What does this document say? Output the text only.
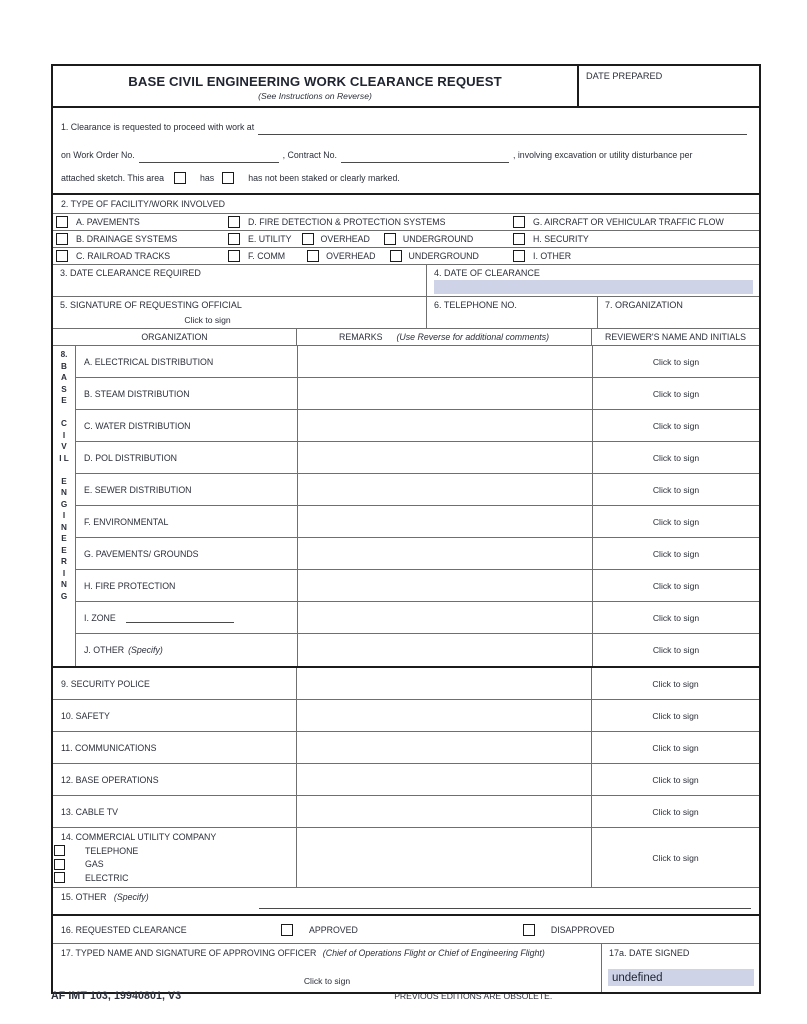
BASE CIVIL ENGINEERING WORK CLEARANCE REQUEST
(See Instructions on Reverse)
DATE PREPARED
1. Clearance is requested to proceed with work at
on Work Order No.	, Contract No.	, involving excavation or utility disturbance per
attached sketch. This area	has	has not been staked or clearly marked.
2. TYPE OF FACILITY/WORK INVOLVED
A. PAVEMENTS	D. FIRE DETECTION & PROTECTION SYSTEMS	G. AIRCRAFT OR VEHICULAR TRAFFIC FLOW
B. DRAINAGE SYSTEMS	E. UTILITY	OVERHEAD	UNDERGROUND	H. SECURITY
C. RAILROAD TRACKS	F. COMM	OVERHEAD	UNDERGROUND	I. OTHER
3. DATE CLEARANCE REQUIRED	4. DATE OF CLEARANCE
5. SIGNATURE OF REQUESTING OFFICIAL
Click to sign
6. TELEPHONE NO.	7. ORGANIZATION
ORGANIZATION	REMARKS (Use Reverse for additional comments)	REVIEWER'S NAME AND INITIALS
8.
B
A
S
E
C
I
V
I L
E
N
G
I
N
E
E
R
I
N
G
A. ELECTRICAL DISTRIBUTION	Click to sign
B. STEAM DISTRIBUTION	Click to sign
C. WATER DISTRIBUTION	Click to sign
D. POL DISTRIBUTION	Click to sign
E. SEWER DISTRIBUTION	Click to sign
F. ENVIRONMENTAL	Click to sign
G. PAVEMENTS/ GROUNDS	Click to sign
H. FIRE PROTECTION	Click to sign
I. ZONE	Click to sign
J. OTHER (Specify)	Click to sign
9. SECURITY POLICE	Click to sign
10. SAFETY	Click to sign
11. COMMUNICATIONS	Click to sign
12. BASE OPERATIONS	Click to sign
13. CABLE TV	Click to sign
14. COMMERCIAL UTILITY COMPANY
TELEPHONE
GAS
ELECTRIC
Click to sign
15. OTHER (Specify)
16. REQUESTED CLEARANCE	APPROVED	DISAPPROVED
17. TYPED NAME AND SIGNATURE OF APPROVING OFFICER (Chief of Operations Flight or Chief of Engineering Flight)
Click to sign
17a. DATE SIGNED
undefined
AF IMT 103, 19940801, V3	PREVIOUS EDITIONS ARE OBSOLETE.
